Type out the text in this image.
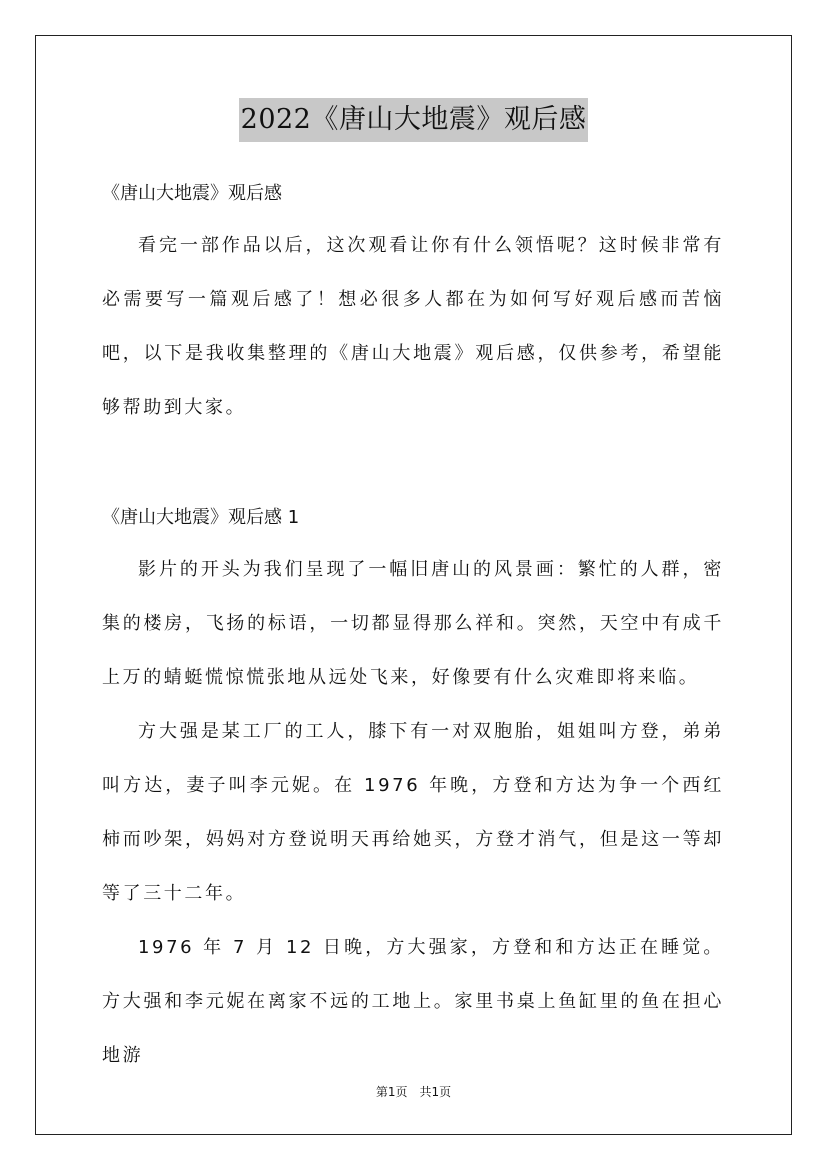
2022《唐山大地震》观后感

《唐山大地震》观后感

看完一部作品以后，这次观看让你有什么领悟呢？这时候非常有必需要写一篇观后感了！想必很多人都在为如何写好观后感而苦恼吧，以下是我收集整理的《唐山大地震》观后感，仅供参考，希望能够帮助到大家。

《唐山大地震》观后感 1

影片的开头为我们呈现了一幅旧唐山的风景画：繁忙的人群，密集的楼房，飞扬的标语，一切都显得那么祥和。突然，天空中有成千上万的蜻蜓慌惊慌张地从远处飞来，好像要有什么灾难即将来临。

方大强是某工厂的工人，膝下有一对双胞胎，姐姐叫方登，弟弟叫方达，妻子叫李元妮。在 1976 年晚，方登和方达为争一个西红柿而吵架，妈妈对方登说明天再给她买，方登才消气，但是这一等却等了三十二年。

1976 年 7 月 12 日晚，方大强家，方登和和方达正在睡觉。方大强和李元妮在离家不远的工地上。家里书桌上鱼缸里的鱼在担心地游

第1页 共1页
